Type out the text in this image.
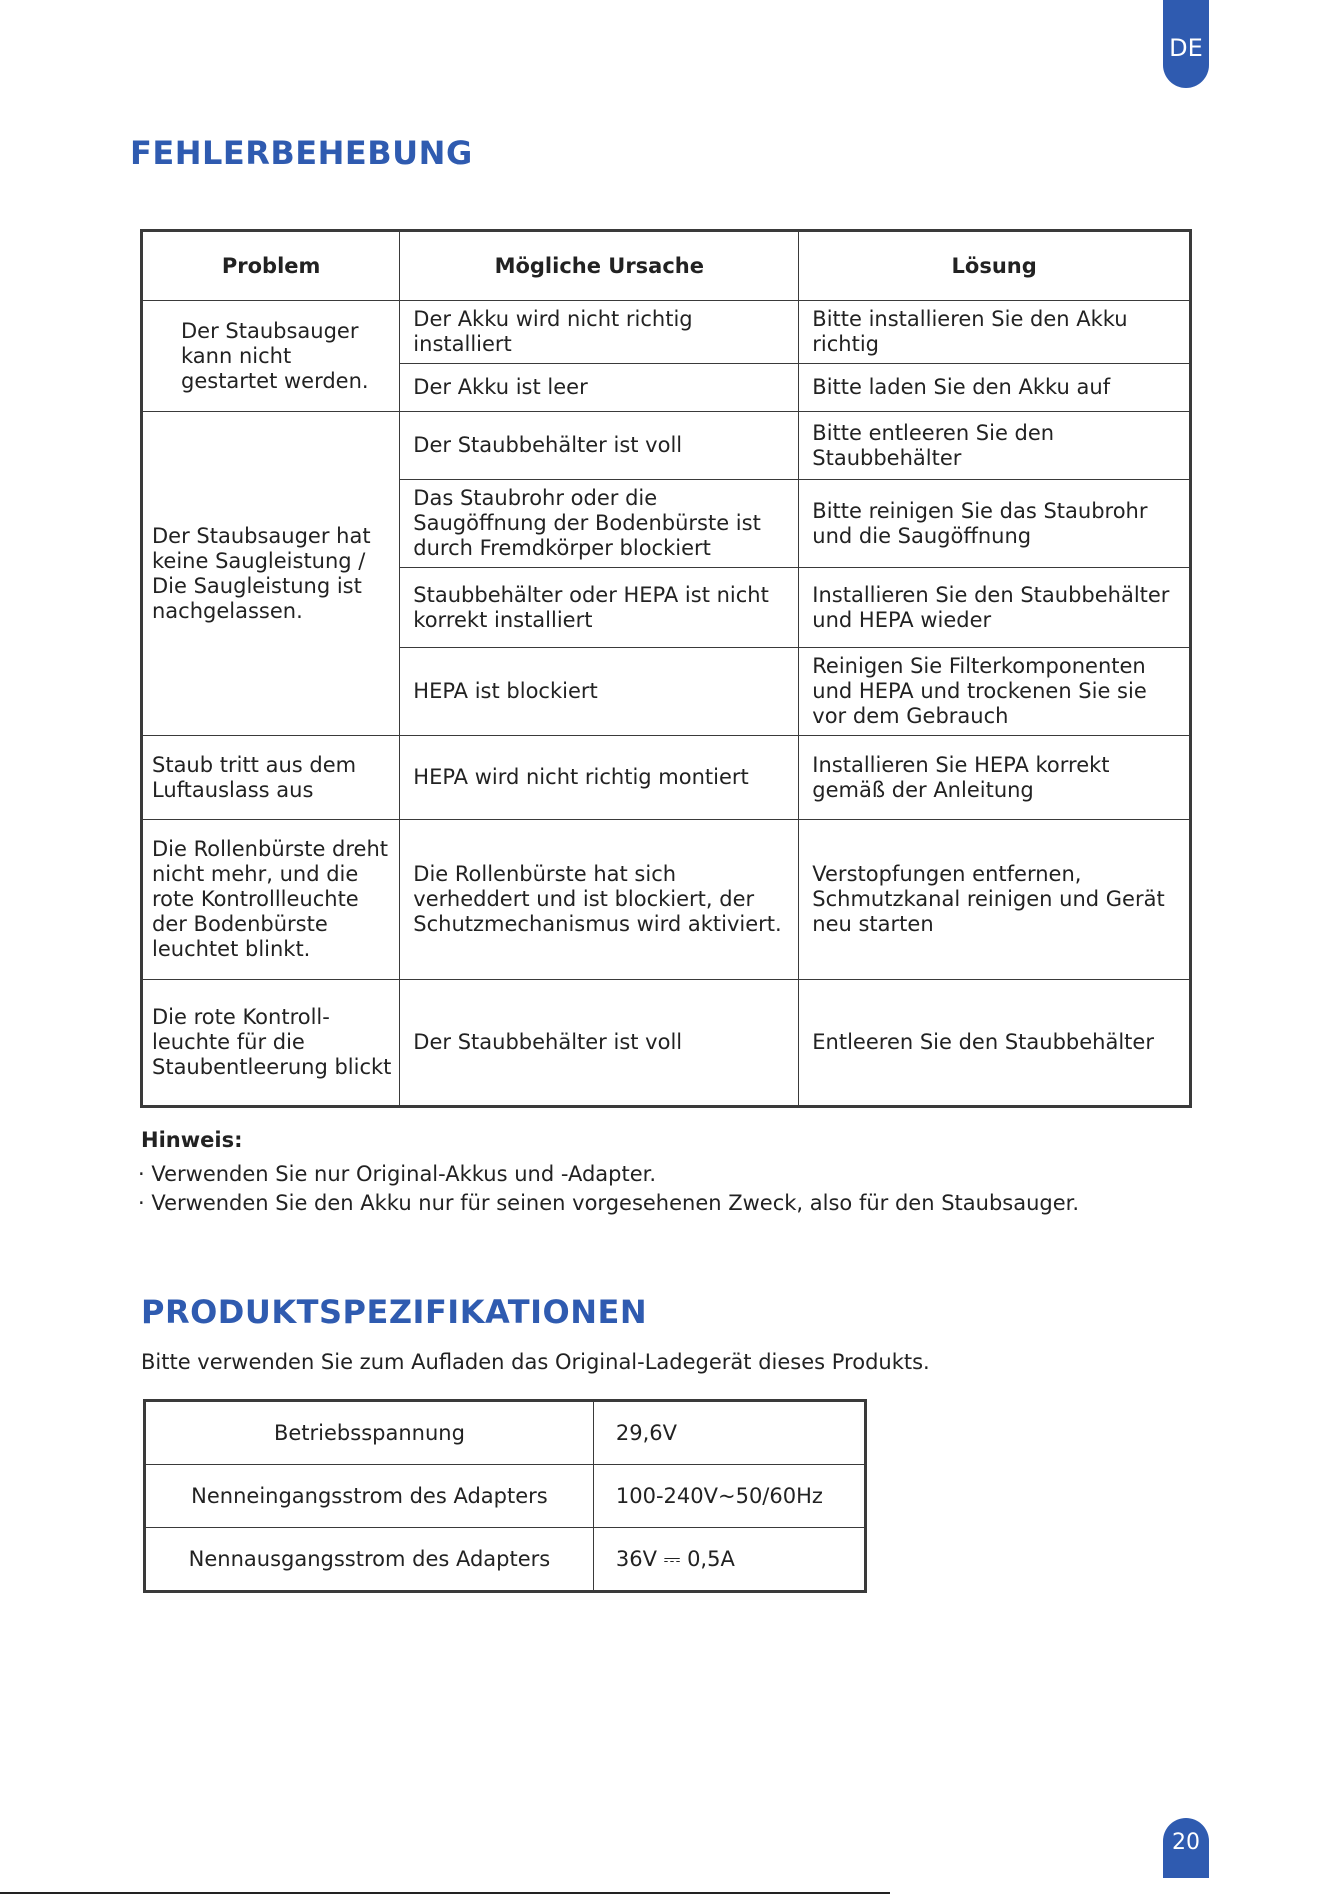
DE
FEHLERBEHEBUNG
Problem	Mögliche Ursache	Lösung
Der Staubsauger kann nicht gestartet werden.	Der Akku wird nicht richtig installiert	Bitte installieren Sie den Akku richtig
	Der Akku ist leer	Bitte laden Sie den Akku auf
Der Staubsauger hat keine Saugleistung / Die Saugleistung ist nachgelassen.	Der Staubbehälter ist voll	Bitte entleeren Sie den Staubbehälter
	Das Staubrohr oder die Saugöffnung der Bodenbürste ist durch Fremdkörper blockiert	Bitte reinigen Sie das Staubrohr und die Saugöffnung
	Staubbehälter oder HEPA ist nicht korrekt installiert	Installieren Sie den Staubbehälter und HEPA wieder
	HEPA ist blockiert	Reinigen Sie Filterkomponenten und HEPA und trockenen Sie sie vor dem Gebrauch
Staub tritt aus dem Luftauslass aus	HEPA wird nicht richtig montiert	Installieren Sie HEPA korrekt gemäß der Anleitung
Die Rollenbürste dreht nicht mehr, und die rote Kontrollleuchte der Bodenbürste leuchtet blinkt.	Die Rollenbürste hat sich verheddert und ist blockiert, der Schutzmechanismus wird aktiviert.	Verstopfungen entfernen, Schmutzkanal reinigen und Gerät neu starten
Die rote Kontroll-leuchte für die Staubentleerung blickt	Der Staubbehälter ist voll	Entleeren Sie den Staubbehälter
Hinweis:
· Verwenden Sie nur Original-Akkus und -Adapter.
· Verwenden Sie den Akku nur für seinen vorgesehenen Zweck, also für den Staubsauger.
PRODUKTSPEZIFIKATIONEN
Bitte verwenden Sie zum Aufladen das Original-Ladegerät dieses Produkts.
Betriebsspannung	29,6V
Nenneingangsstrom des Adapters	100-240V~50/60Hz
Nennausgangsstrom des Adapters	36V ⎓ 0,5A
20
